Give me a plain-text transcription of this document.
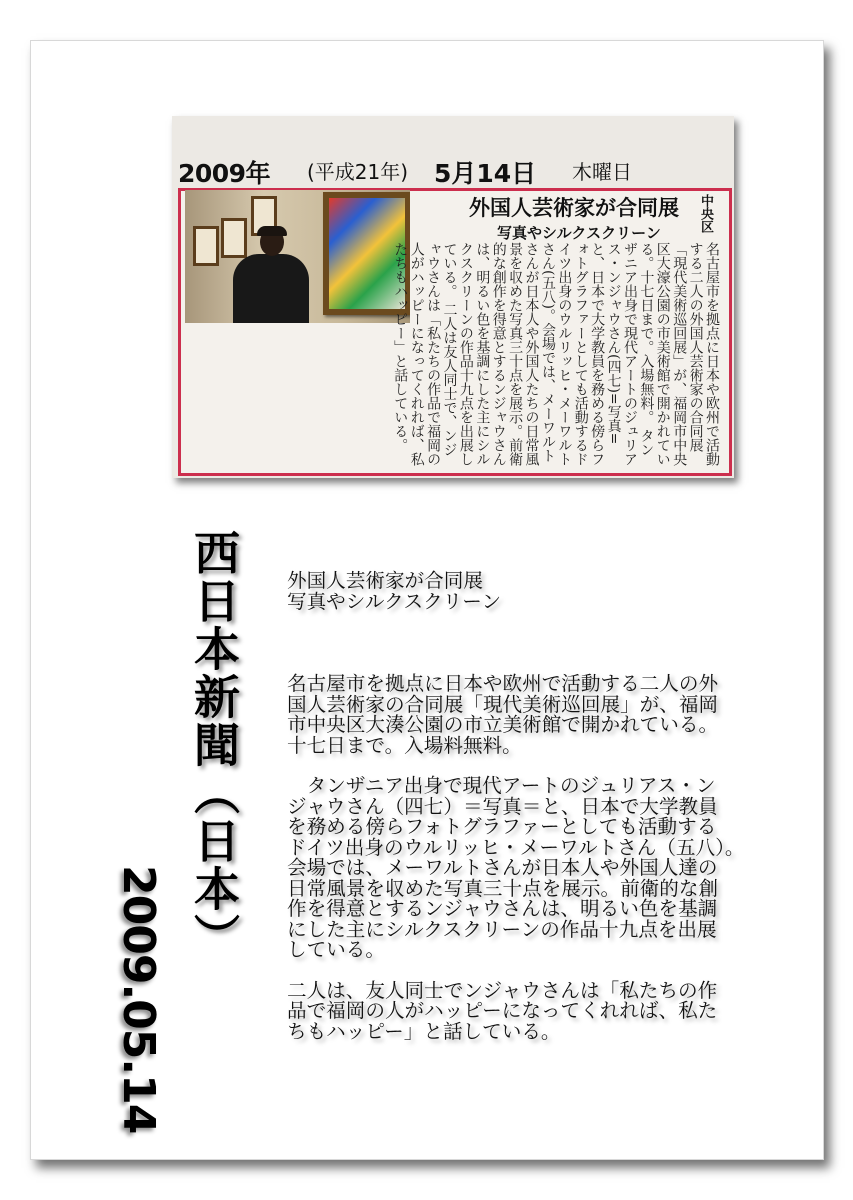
2009年 (平成21年) 5月14日 木曜日
外国人芸術家が合同展
写真やシルクスクリーン	中央区
名古屋市を拠点に日本や欧州で活動する二人の外国人芸術家の合同展「現代美術巡回展」が、福岡市中央区大濠公園の市美術館で開かれている。十七日まで。入場無料。 タンザニア出身で現代アートのジュリアス・ンジャウさん(四七)=写真=と、日本で大学教員を務める傍らフォトグラファーとしても活動するドイツ出身のウルリッヒ・メーワルトさん(五八)。会場では、メーワルトさんが日本人や外国人たちの日常風景を収めた写真三十点を展示。前衛的な創作を得意とするンジャウさんは、明るい色を基調にした主にシルクスクリーンの作品十九点を出展している。 二人は友人同士で、ンジャウさんは「私たちの作品で福岡の人がハッピーになってくれれば、私たちもハッピー」と話している。
西日本新聞（日本）
2009.05.14

外国人芸術家が合同展

写真やシルクスクリーン

名古屋市を拠点に日本や欧州で活動する二人の外
国人芸術家の合同展「現代美術巡回展」が、福岡
市中央区大湊公園の市立美術館で開かれている。
十七日まで。入場料無料。

　タンザニア出身で現代アートのジュリアス・ン
ジャウさん（四七）＝写真＝と、日本で大学教員
を務める傍らフォトグラファーとしても活動する
ドイツ出身のウルリッヒ・メーワルトさん（五八）。
会場では、メーワルトさんが日本人や外国人達の
日常風景を収めた写真三十点を展示。前衛的な創
作を得意とするンジャウさんは、明るい色を基調
にした主にシルクスクリーンの作品十九点を出展
している。

二人は、友人同士でンジャウさんは「私たちの作
品で福岡の人がハッピーになってくれれば、私た
ちもハッピー」と話している。
